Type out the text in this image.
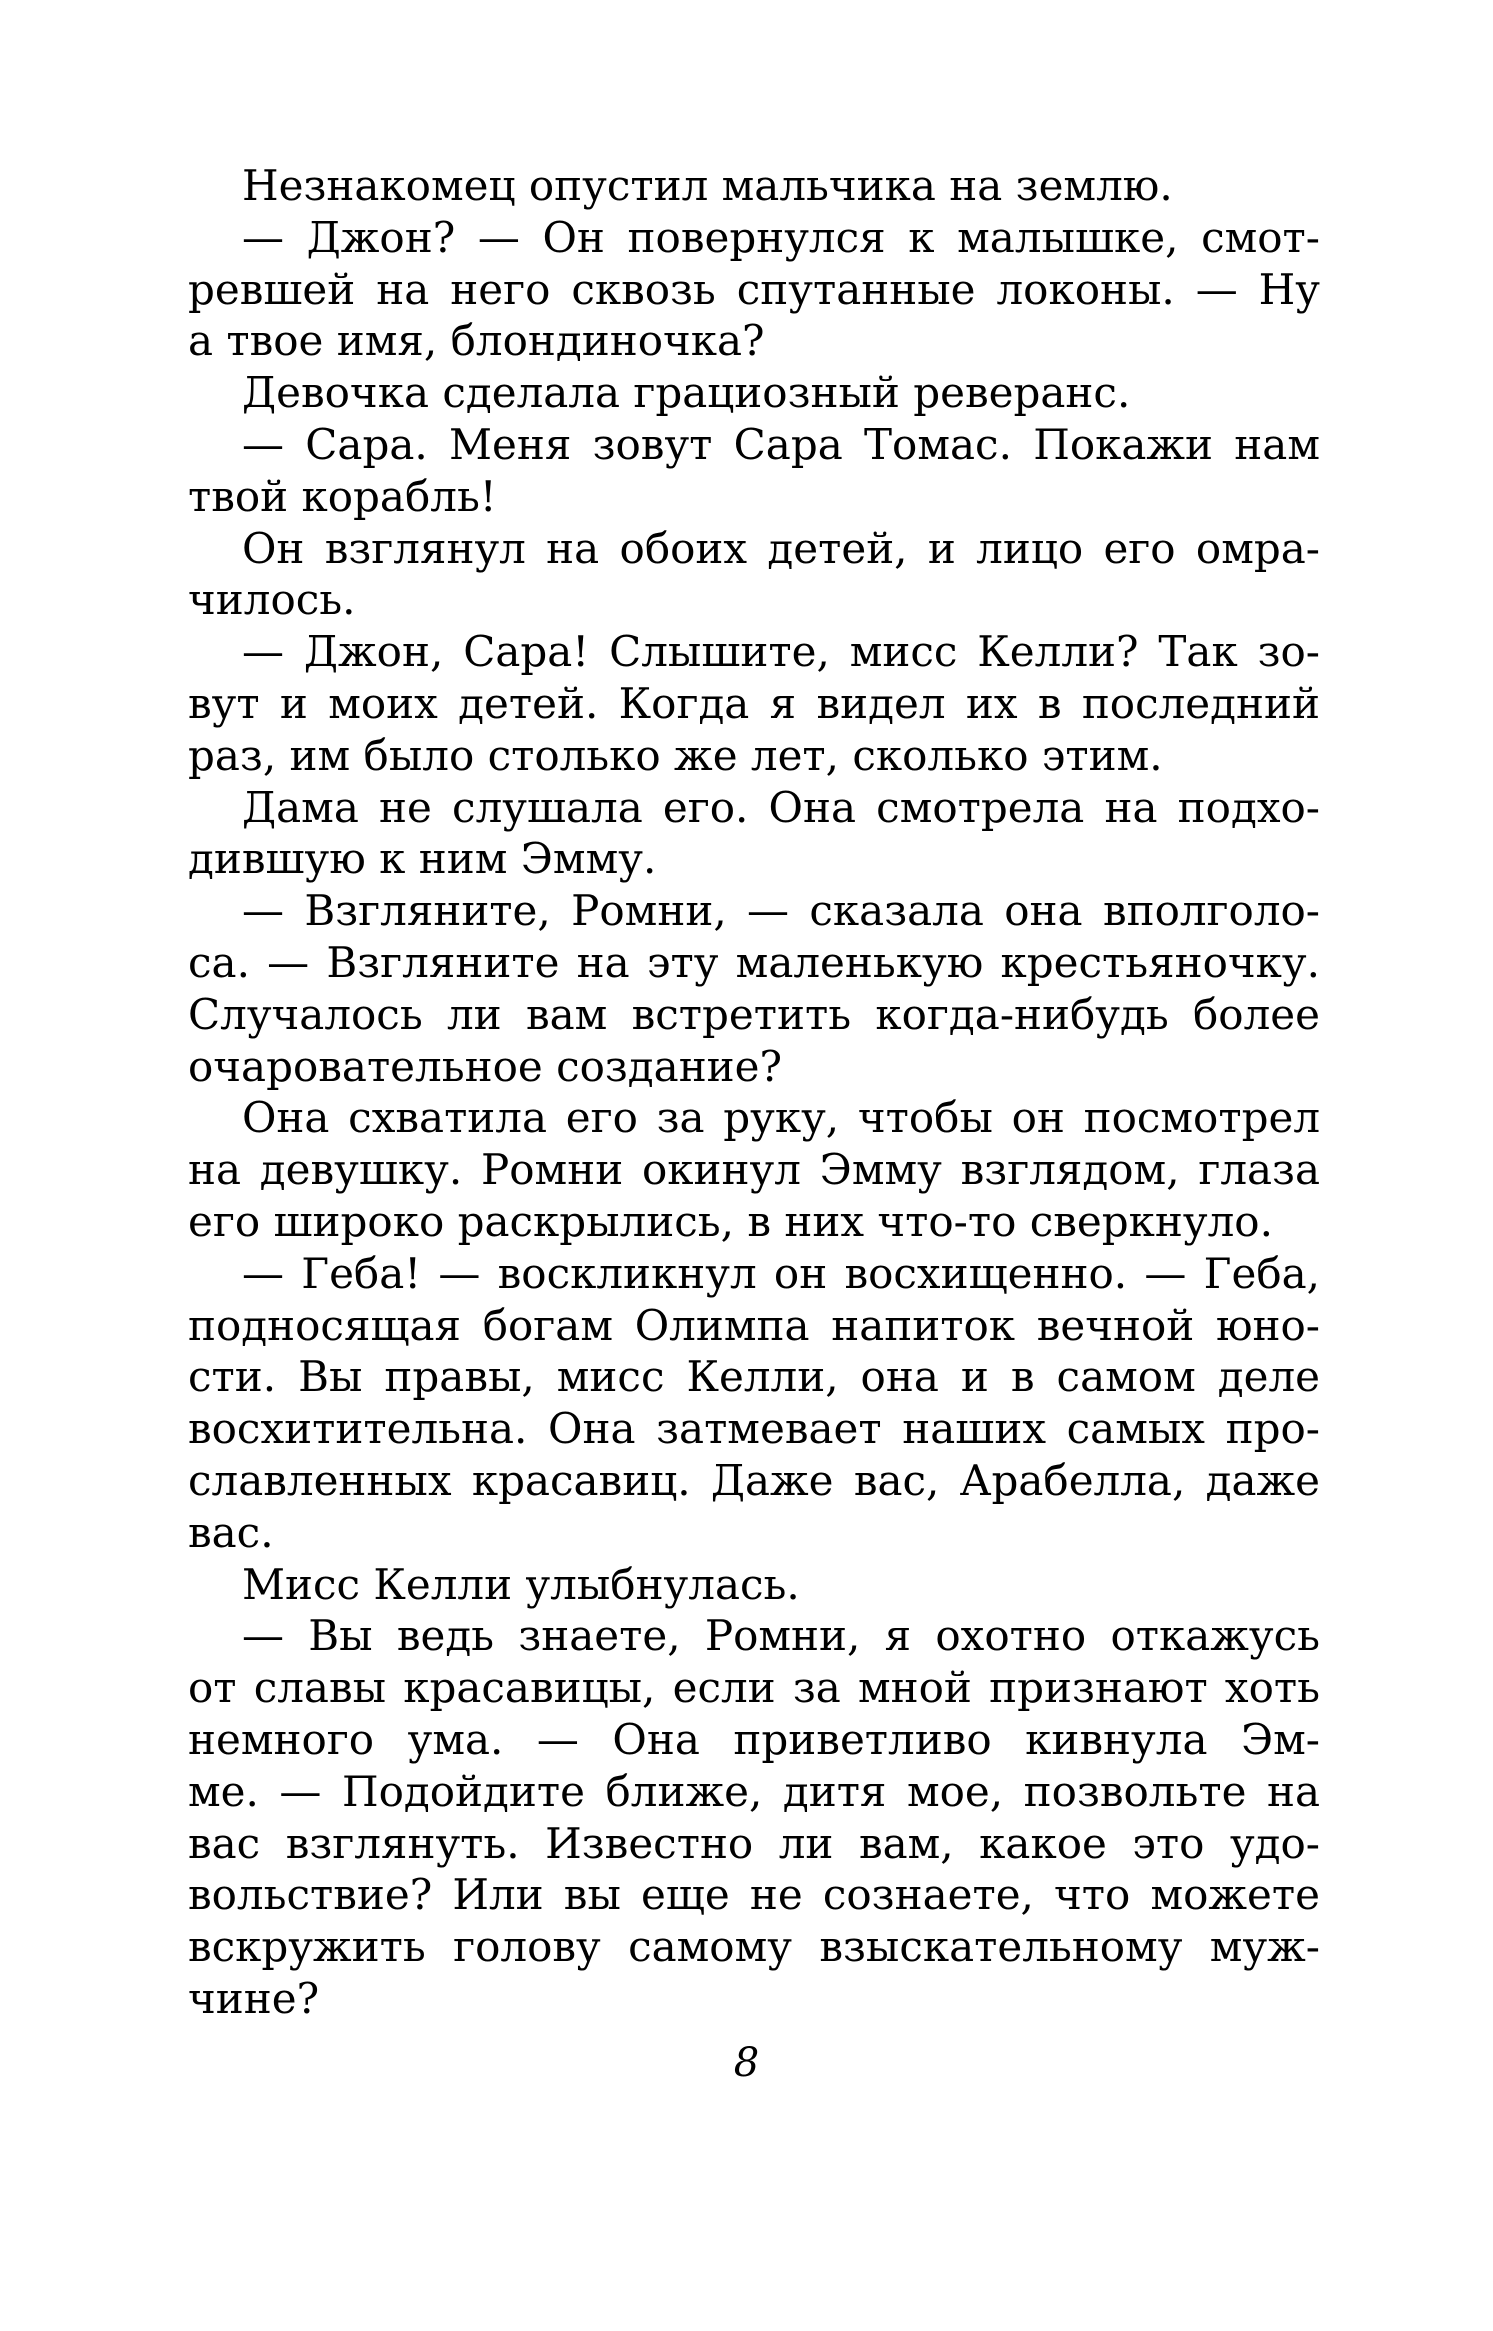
Незнакомец опустил мальчика на землю.
— Джон? — Он повернулся к малышке, смот-
ревшей на него сквозь спутанные локоны. — Ну
а твое имя, блондиночка?
Девочка сделала грациозный реверанс.
— Сара. Меня зовут Сара Томас. Покажи нам
твой корабль!
Он взглянул на обоих детей, и лицо его омра-
чилось.
— Джон, Сара! Слышите, мисс Келли? Так зо-
вут и моих детей. Когда я видел их в последний
раз, им было столько же лет, сколько этим.
Дама не слушала его. Она смотрела на подхо-
дившую к ним Эмму.
— Взгляните, Ромни, — сказала она вполголо-
са. — Взгляните на эту маленькую крестьяночку.
Случалось ли вам встретить когда-нибудь более
очаровательное создание?
Она схватила его за руку, чтобы он посмотрел
на девушку. Ромни окинул Эмму взглядом, глаза
его широко раскрылись, в них что-то сверкнуло.
— Геба! — воскликнул он восхищенно. — Геба,
подносящая богам Олимпа напиток вечной юно-
сти. Вы правы, мисс Келли, она и в самом деле
восхитительна. Она затмевает наших самых про-
славленных красавиц. Даже вас, Арабелла, даже
вас.
Мисс Келли улыбнулась.
— Вы ведь знаете, Ромни, я охотно откажусь
от славы красавицы, если за мной признают хоть
немного ума. — Она приветливо кивнула Эм-
ме. — Подойдите ближе, дитя мое, позвольте на
вас взглянуть. Известно ли вам, какое это удо-
вольствие? Или вы еще не сознаете, что можете
вскружить голову самому взыскательному муж-
чине?
8
